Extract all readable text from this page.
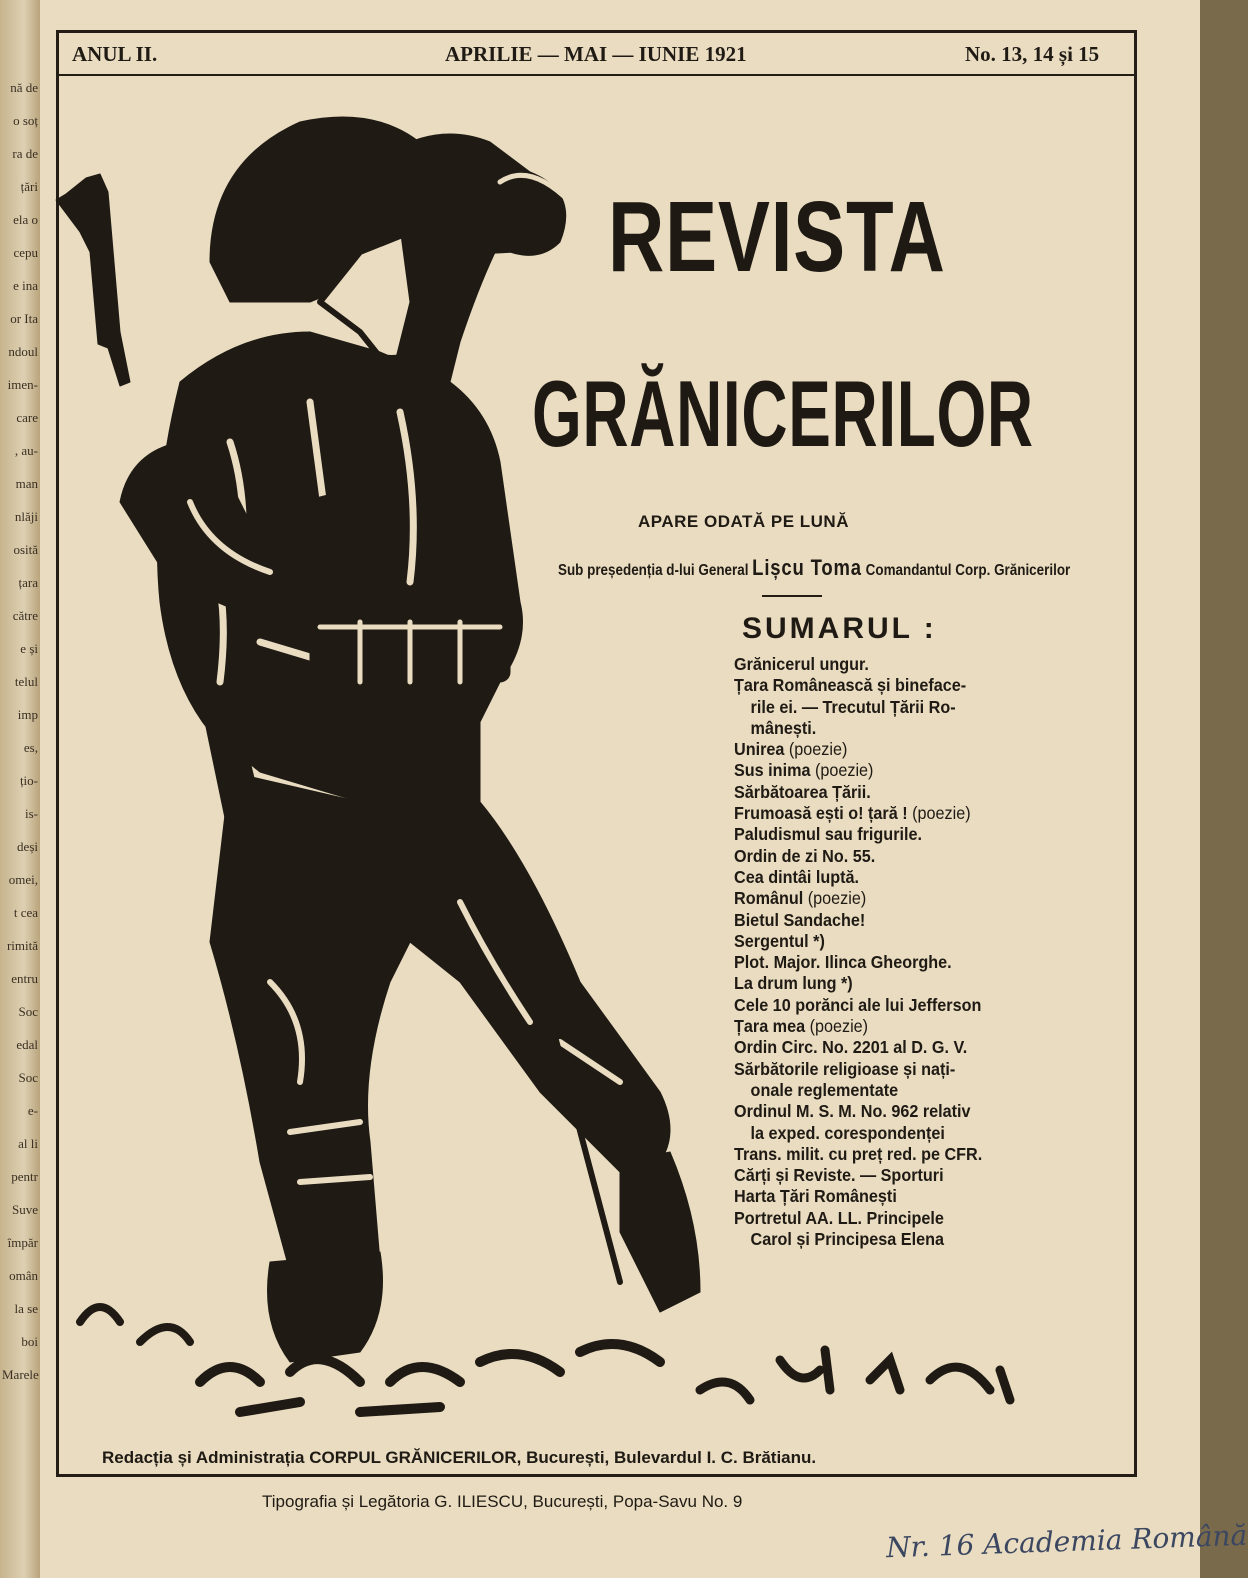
nă de
o soț
ra de
țări
ela o
cepu
e ina
or Ita
ndoul
imen-
care
, au-
man
nlăji
osită
țara
către
e și
telul
imp
es,
țio-
is-
deși
omei,
t cea
rimită
entru
Soc
edal
Soc
e-
al li
pentr
Suve
împăr
omân
la se
boi
Marele
ANUL II.	APRILIE — MAI — IUNIE 1921	No. 13, 14 și 15
REVISTA
GRĂNICERILOR
APARE ODATĂ PE LUNĂ
Sub președenția d-lui General Lișcu Toma Comandantul Corp. Grănicerilor
SUMARUL :
Grănicerul ungur.
Țara Românească și bineface-
rile ei. — Trecutul Țării Ro-
mânești.
Unirea (poezie)
Sus inima (poezie)
Sărbătoarea Țării.
Frumoasă ești o! țară ! (poezie)
Paludismul sau frigurile.
Ordin de zi No. 55.
Cea dintâi luptă.
Românul (poezie)
Bietul Sandache!
Sergentul *)
Plot. Major. Ilinca Gheorghe.
La drum lung *)
Cele 10 porănci ale lui Jefferson
Țara mea (poezie)
Ordin Circ. No. 2201 al D. G. V.
Sărbătorile religioase și nați-
onale reglementate
Ordinul M. S. M. No. 962 relativ
la exped. corespondenței
Trans. milit. cu preț red. pe CFR.
Cărți și Reviste. — Sporturi
Harta Țări Românești
Portretul AA. LL. Principele
Carol și Principesa Elena
Redacția și Administrația CORPUL GRĂNICERILOR, București, Bulevardul I. C. Brătianu.
Tipografia și Legătoria G. ILIESCU, București, Popa-Savu No. 9
Nr. 16 Academia Română
